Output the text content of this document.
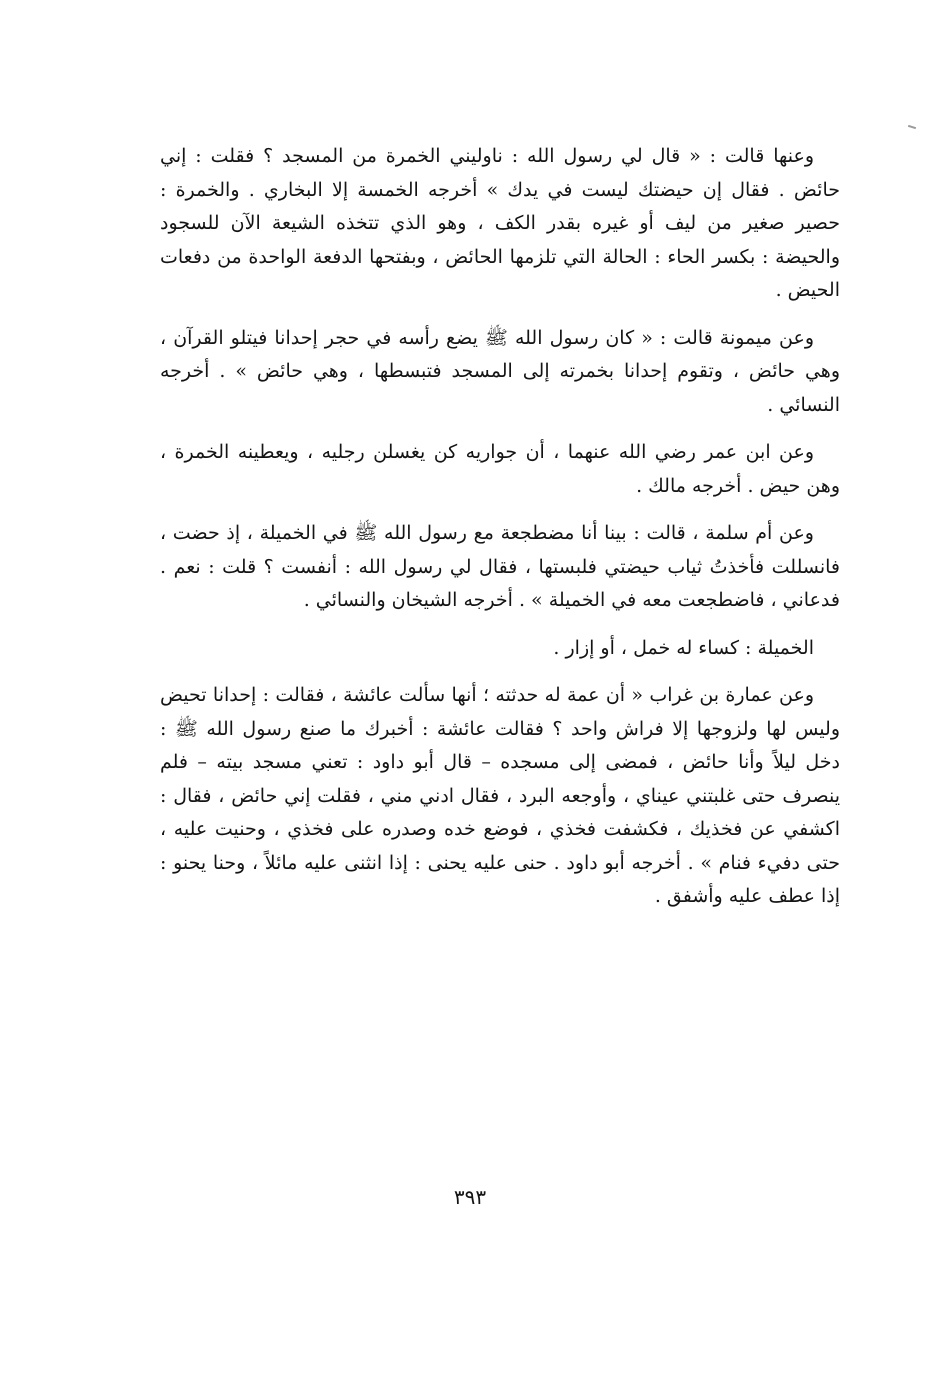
وعنها قالت : « قال لي رسول الله : ناوليني الخمرة من المسجد ؟ فقلت : إني حائض . فقال إن حيضتك ليست في يدك » أخرجه الخمسة إلا البخاري . والخمرة : حصير صغير من ليف أو غيره بقدر الكف ، وهو الذي تتخذه الشيعة الآن للسجود والحيضة : بكسر الحاء : الحالة التي تلزمها الحائض ، وبفتحها الدفعة الواحدة من دفعات الحيض .

وعن ميمونة قالت : « كان رسول الله ﷺ يضع رأسه في حجر إحدانا فيتلو القرآن ، وهي حائض ، وتقوم إحدانا بخمرته إلى المسجد فتبسطها ، وهي حائض » . أخرجه النسائي .

وعن ابن عمر رضي الله عنهما ، أن جواريه كن يغسلن رجليه ، ويعطينه الخمرة ، وهن حيض . أخرجه مالك .

وعن أم سلمة ، قالت : بينا أنا مضطجعة مع رسول الله ﷺ في الخميلة ، إذ حضت ، فانسللت فأخذتُ ثياب حيضتي فلبستها ، فقال لي رسول الله : أنفست ؟ قلت : نعم . فدعاني ، فاضطجعت معه في الخميلة » . أخرجه الشيخان والنسائي .

الخميلة : كساء له خمل ، أو إزار .

وعن عمارة بن غراب « أن عمة له حدثته ؛ أنها سألت عائشة ، فقالت : إحدانا تحيض وليس لها ولزوجها إلا فراش واحد ؟ فقالت عائشة : أخبرك ما صنع رسول الله ﷺ : دخل ليلاً وأنا حائض ، فمضى إلى مسجده – قال أبو داود : تعني مسجد بيته – فلم ينصرف حتى غلبتني عيناي ، وأوجعه البرد ، فقال ادني مني ، فقلت إني حائض ، فقال : اكشفي عن فخذيك ، فكشفت فخذي ، فوضع خده وصدره على فخذي ، وحنيت عليه ، حتى دفيء فنام » . أخرجه أبو داود . حنى عليه يحنى : إذا انثنى عليه مائلاً ، وحنا يحنو : إذا عطف عليه وأشفق .

٣٩٣
